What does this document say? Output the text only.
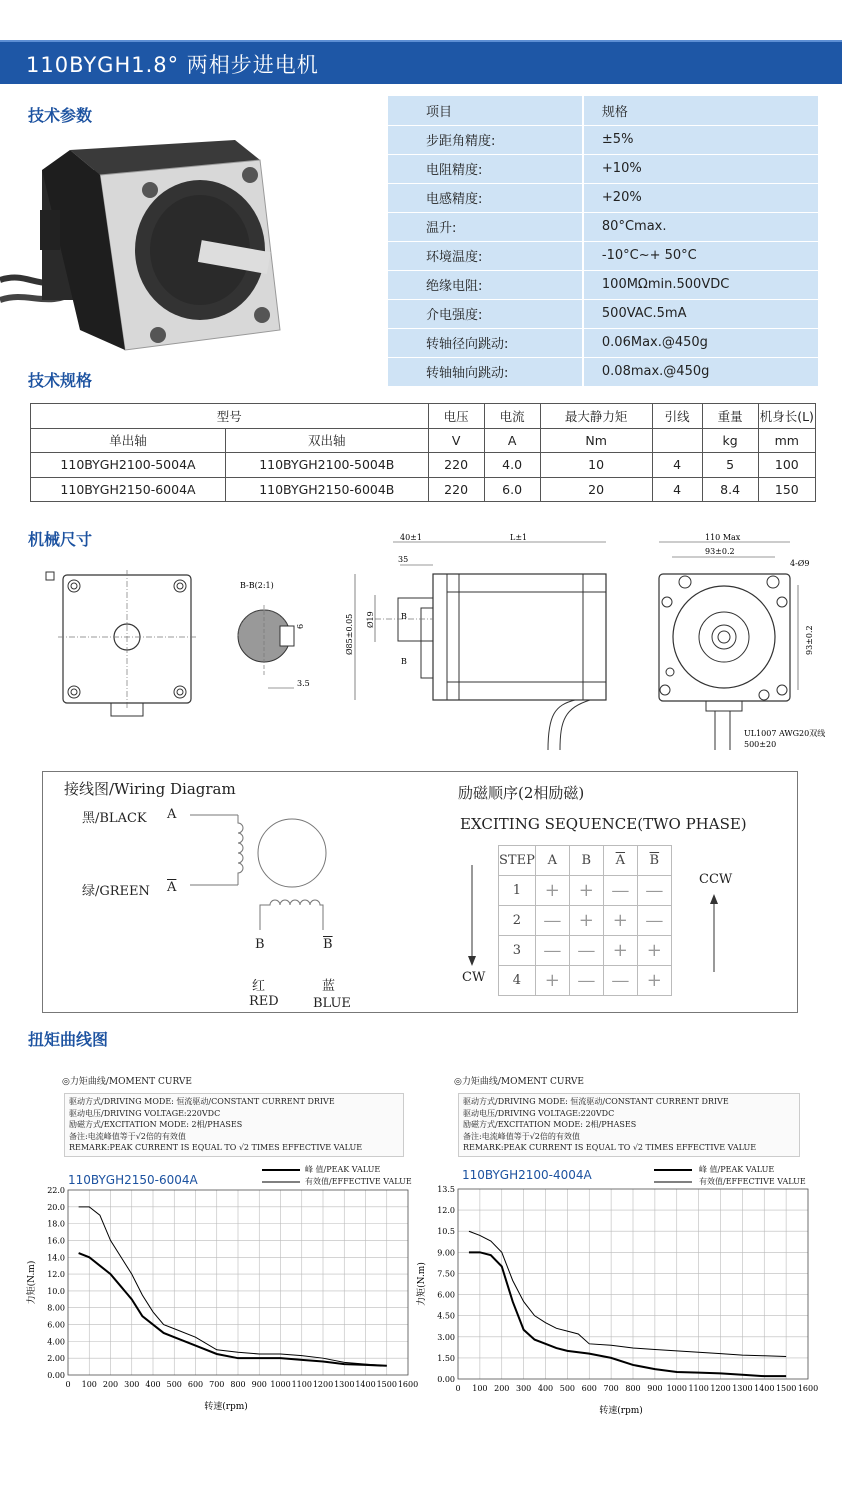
110BYGH1.8° 两相步进电机
技术参数
技术规格
机械尺寸
扭矩曲线图
项目	规格
步距角精度:	±5%
电阻精度:	+10%
电感精度:	+20%
温升:	80°Cmax.
环境温度:	-10°C~+ 50°C
绝缘电阻:	100MΩmin.500VDC
介电强度:	500VAC.5mA
转轴径向跳动:	0.06Max.@450g
转轴轴向跳动:	0.08max.@450g
型号		电压	电流	最大静力矩	引线	重量	机身长(L)
单出轴	双出轴	V	A	Nm		kg	mm
110BYGH2100-5004A	110BYGH2100-5004B	220	4.0	10	4	5	100
110BYGH2150-6004A	110BYGH2150-6004B	220	6.0	20	4	8.4	150
B-B(2:1)
6
3.5
40±1
35
L±1
B
B
Ø85±0.05 Ø19
110 Max
93±0.2
4-Ø9
93±0.2
UL1007 AWG20双线
500±20
接线图/Wiring Diagram
黑/BLACK A
绿/GREEN $\overline{A}$
B	$\overline{B}$
红
RED
蓝
BLUE
励磁顺序(2相励磁)
EXCITING SEQUENCE(TWO PHASE)
CCW
CW
STEP	A	B	$\overline{A}$	$\overline{B}$
1	+	+	—	—
2	—	+	+	—
3	—	—	+	+
4	+	—	—	+
◎力矩曲线/MOMENT CURVE
驱动方式/DRIVING MODE: 恒流驱动/CONSTANT CURRENT DRIVE
驱动电压/DRIVING VOLTAGE:220VDC
励磁方式/EXCITATION MODE: 2相/PHASES
备注:电流峰值等于√2倍的有效值
REMARK:PEAK CURRENT IS EQUAL TO √2 TIMES EFFECTIVE VALUE
峰 值/PEAK VALUE
有效值/EFFECTIVE VALUE
110BYGH2150-6004A
0 100 200 300 400 500 600 700 800 900 1000 1100 1200 1300 1400 1500 1600
0.00
2.00
4.00
6.00
8.00
10.0
12.0
14.0
16.0
18.0
20.0
22.0
力矩(N.m)
转速(rpm)
◎力矩曲线/MOMENT CURVE
驱动方式/DRIVING MODE: 恒流驱动/CONSTANT CURRENT DRIVE
驱动电压/DRIVING VOLTAGE:220VDC
励磁方式/EXCITATION MODE: 2相/PHASES
备注:电流峰值等于√2倍的有效值
REMARK:PEAK CURRENT IS EQUAL TO √2 TIMES EFFECTIVE VALUE
峰 值/PEAK VALUE
有效值/EFFECTIVE VALUE
110BYGH2100-4004A
0 100 200 300 400 500 600 700 800 900 1000 1100 1200 1300 1400 1500 1600
0.00
1.50
3.00
4.50
6.00
7.50
9.00
10.5
12.0
13.5
力矩(N.m)
转速(rpm)
